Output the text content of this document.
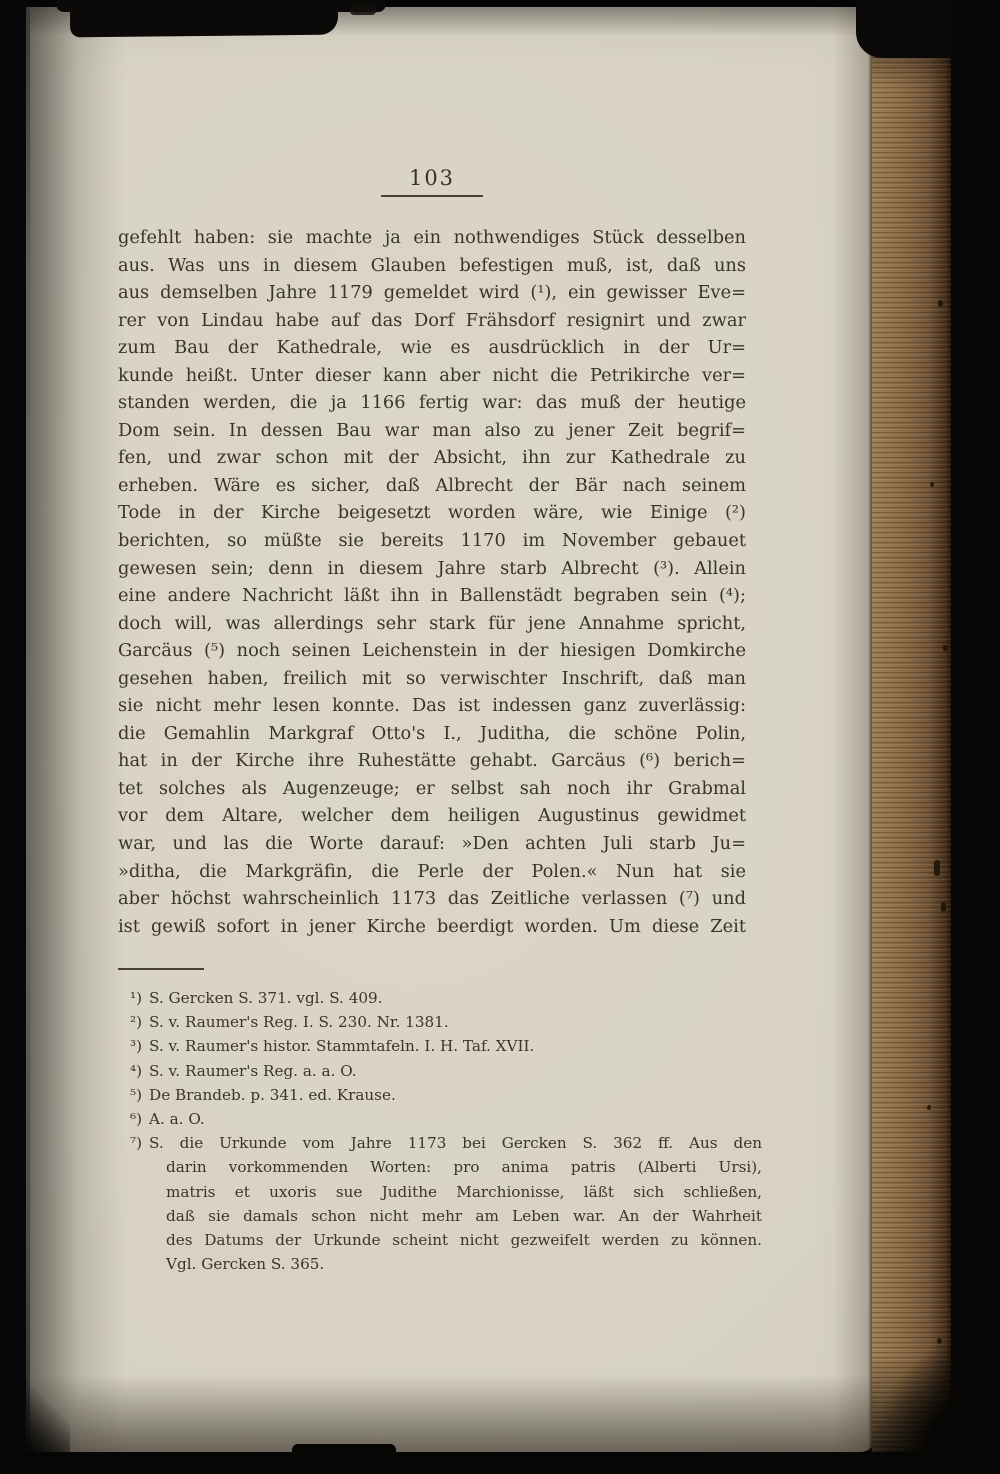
103
gefehlt haben: sie machte ja ein nothwendiges Stück desselben
aus. Was uns in diesem Glauben befestigen muß, ist, daß uns
aus demselben Jahre 1179 gemeldet wird (¹), ein gewisser Eve=
rer von Lindau habe auf das Dorf Frähsdorf resignirt und zwar
zum Bau der Kathedrale, wie es ausdrücklich in der Ur=
kunde heißt. Unter dieser kann aber nicht die Petrikirche ver=
standen werden, die ja 1166 fertig war: das muß der heutige
Dom sein. In dessen Bau war man also zu jener Zeit begrif=
fen, und zwar schon mit der Absicht, ihn zur Kathedrale zu
erheben. Wäre es sicher, daß Albrecht der Bär nach seinem
Tode in der Kirche beigesetzt worden wäre, wie Einige (²)
berichten, so müßte sie bereits 1170 im November gebauet
gewesen sein; denn in diesem Jahre starb Albrecht (³). Allein
eine andere Nachricht läßt ihn in Ballenstädt begraben sein (⁴);
doch will, was allerdings sehr stark für jene Annahme spricht,
Garcäus (⁵) noch seinen Leichenstein in der hiesigen Domkirche
gesehen haben, freilich mit so verwischter Inschrift, daß man
sie nicht mehr lesen konnte. Das ist indessen ganz zuverlässig:
die Gemahlin Markgraf Otto's I., Juditha, die schöne Polin,
hat in der Kirche ihre Ruhestätte gehabt. Garcäus (⁶) berich=
tet solches als Augenzeuge; er selbst sah noch ihr Grabmal
vor dem Altare, welcher dem heiligen Augustinus gewidmet
war, und las die Worte darauf: »Den achten Juli starb Ju=
»ditha, die Markgräfin, die Perle der Polen.« Nun hat sie
aber höchst wahrscheinlich 1173 das Zeitliche verlassen (⁷) und
ist gewiß sofort in jener Kirche beerdigt worden. Um diese Zeit
¹) S. Gercken S. 371. vgl. S. 409.
²) S. v. Raumer's Reg. I. S. 230. Nr. 1381.
³) S. v. Raumer's histor. Stammtafeln. I. H. Taf. XVII.
⁴) S. v. Raumer's Reg. a. a. O.
⁵) De Brandeb. p. 341. ed. Krause.
⁶) A. a. O.
⁷) S. die Urkunde vom Jahre 1173 bei Gercken S. 362 ff. Aus den
darin vorkommenden Worten: pro anima patris (Alberti Ursi),
matris et uxoris sue Judithe Marchionisse, läßt sich schließen,
daß sie damals schon nicht mehr am Leben war. An der Wahrheit
des Datums der Urkunde scheint nicht gezweifelt werden zu können.
Vgl. Gercken S. 365.
